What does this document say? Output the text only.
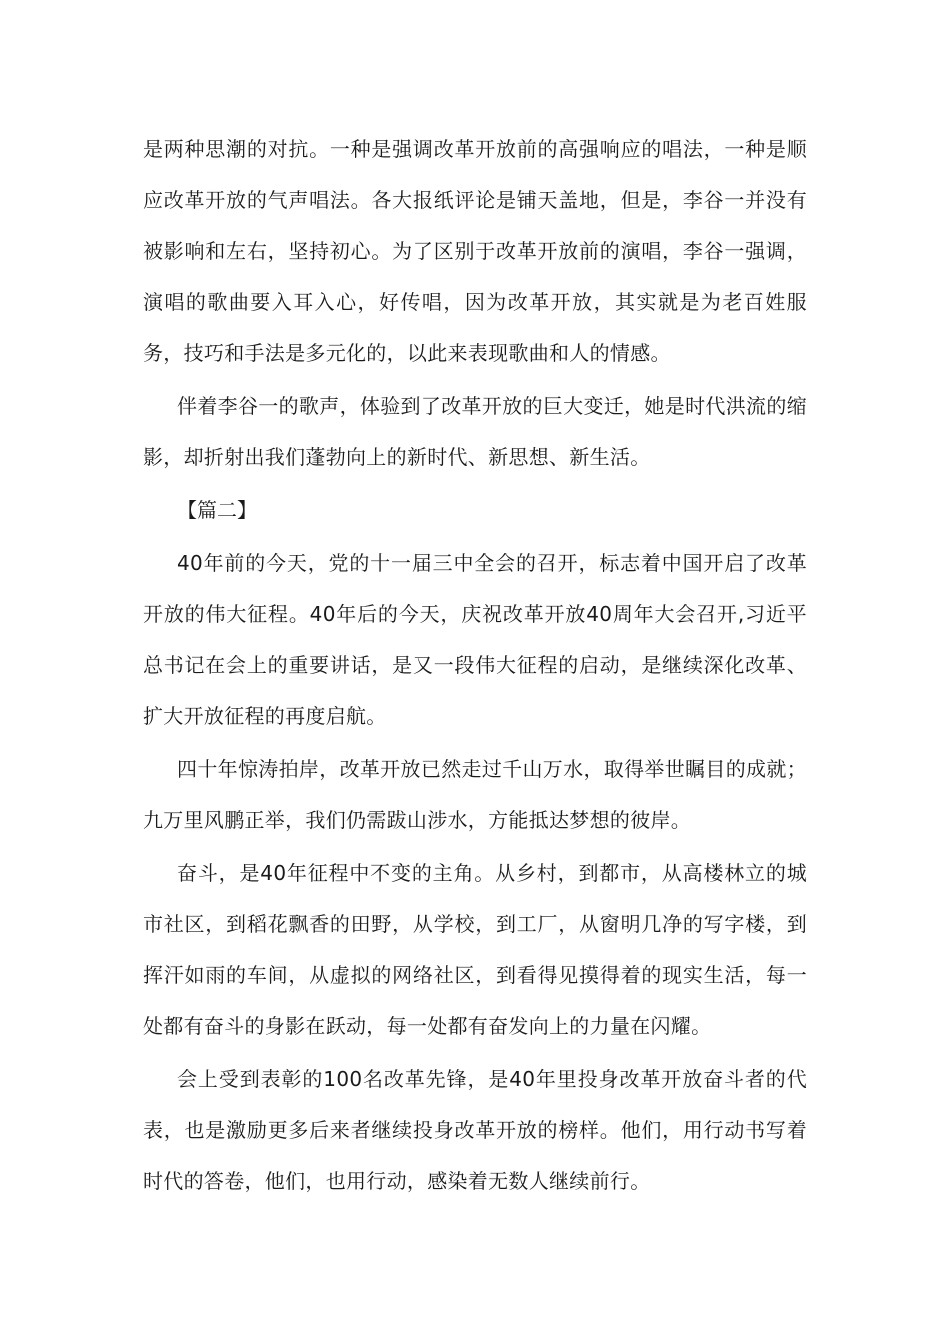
是两种思潮的对抗。一种是强调改革开放前的高强响应的唱法，一种是顺应改革开放的气声唱法。各大报纸评论是铺天盖地，但是，李谷一并没有被影响和左右，坚持初心。为了区别于改革开放前的演唱，李谷一强调，演唱的歌曲要入耳入心，好传唱，因为改革开放，其实就是为老百姓服务，技巧和手法是多元化的，以此来表现歌曲和人的情感。

伴着李谷一的歌声，体验到了改革开放的巨大变迁，她是时代洪流的缩影，却折射出我们蓬勃向上的新时代、新思想、新生活。

【篇二】

40年前的今天，党的十一届三中全会的召开，标志着中国开启了改革开放的伟大征程。40年后的今天，庆祝改革开放40周年大会召开,习近平总书记在会上的重要讲话，是又一段伟大征程的启动，是继续深化改革、扩大开放征程的再度启航。

四十年惊涛拍岸，改革开放已然走过千山万水，取得举世瞩目的成就；九万里风鹏正举，我们仍需跋山涉水，方能抵达梦想的彼岸。

奋斗，是40年征程中不变的主角。从乡村，到都市，从高楼林立的城市社区，到稻花飘香的田野，从学校，到工厂，从窗明几净的写字楼，到挥汗如雨的车间，从虚拟的网络社区，到看得见摸得着的现实生活，每一处都有奋斗的身影在跃动，每一处都有奋发向上的力量在闪耀。

会上受到表彰的100名改革先锋，是40年里投身改革开放奋斗者的代表，也是激励更多后来者继续投身改革开放的榜样。他们，用行动书写着时代的答卷，他们，也用行动，感染着无数人继续前行。
